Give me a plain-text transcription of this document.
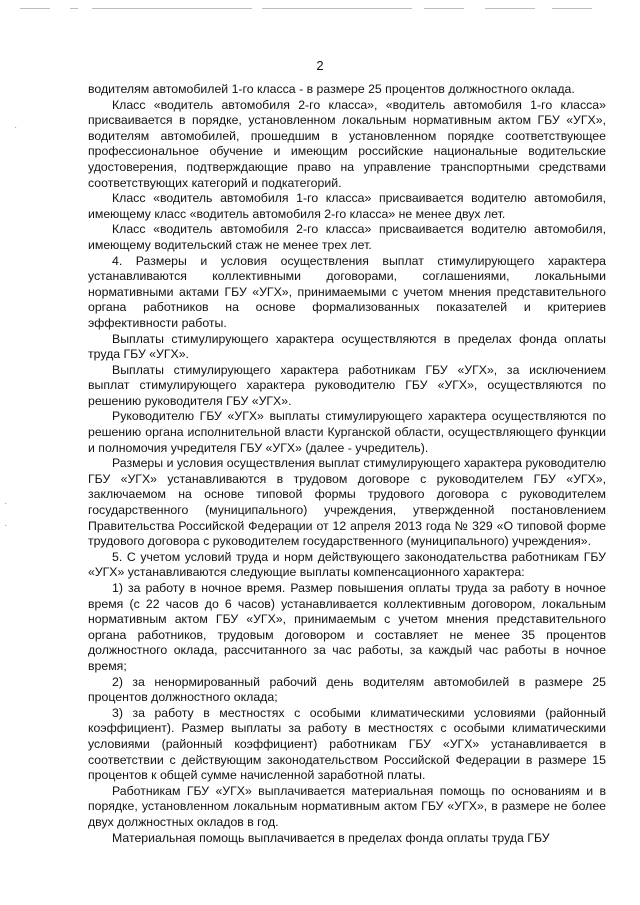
2
·
·
·

водителям автомобилей 1-го класса - в размере 25 процентов должностного оклада.

Класс «водитель автомобиля 2-го класса», «водитель автомобиля 1-го класса» присваивается в порядке, установленном локальным нормативным актом ГБУ «УГХ», водителям автомобилей, прошедшим в установленном порядке соответствующее профессиональное обучение и имеющим российские национальные водительские удостоверения, подтверждающие право на управление транспортными средствами соответствующих категорий и подкатегорий.

Класс «водитель автомобиля 1-го класса» присваивается водителю автомобиля, имеющему класс «водитель автомобиля 2-го класса» не менее двух лет.

Класс «водитель автомобиля 2-го класса» присваивается водителю автомобиля, имеющему водительский стаж не менее трех лет.

4. Размеры и условия осуществления выплат стимулирующего характера устанавливаются коллективными договорами, соглашениями, локальными нормативными актами ГБУ «УГХ», принимаемыми с учетом мнения представительного органа работников на основе формализованных показателей и критериев эффективности работы.

Выплаты стимулирующего характера осуществляются в пределах фонда оплаты труда ГБУ «УГХ».

Выплаты стимулирующего характера работникам ГБУ «УГХ», за исключением выплат стимулирующего характера руководителю ГБУ «УГХ», осуществляются по решению руководителя ГБУ «УГХ».

Руководителю ГБУ «УГХ» выплаты стимулирующего характера осуществляются по решению органа исполнительной власти Курганской области, осуществляющего функции и полномочия учредителя ГБУ «УГХ» (далее - учредитель).

Размеры и условия осуществления выплат стимулирующего характера руководителю ГБУ «УГХ» устанавливаются в трудовом договоре с руководителем ГБУ «УГХ», заключаемом на основе типовой формы трудового договора с руководителем государственного (муниципального) учреждения, утвержденной постановлением Правительства Российской Федерации от 12 апреля 2013 года № 329 «О типовой форме трудового договора с руководителем государственного (муниципального) учреждения».

5. С учетом условий труда и норм действующего законодательства работникам ГБУ «УГХ» устанавливаются следующие выплаты компенсационного характера:

1) за работу в ночное время. Размер повышения оплаты труда за работу в ночное время (с 22 часов до 6 часов) устанавливается коллективным договором, локальным нормативным актом ГБУ «УГХ», принимаемым с учетом мнения представительного органа работников, трудовым договором и составляет не менее 35 процентов должностного оклада, рассчитанного за час работы, за каждый час работы в ночное время;

2) за ненормированный рабочий день водителям автомобилей в размере 25 процентов должностного оклада;

3) за работу в местностях с особыми климатическими условиями (районный коэффициент). Размер выплаты за работу в местностях с особыми климатическими условиями (районный коэффициент) работникам ГБУ «УГХ» устанавливается в соответствии с действующим законодательством Российской Федерации в размере 15 процентов к общей сумме начисленной заработной платы.

Работникам ГБУ «УГХ» выплачивается материальная помощь по основаниям и в порядке, установленном локальным нормативным актом ГБУ «УГХ», в размере не более двух должностных окладов в год.

Материальная помощь выплачивается в пределах фонда оплаты труда ГБУ
